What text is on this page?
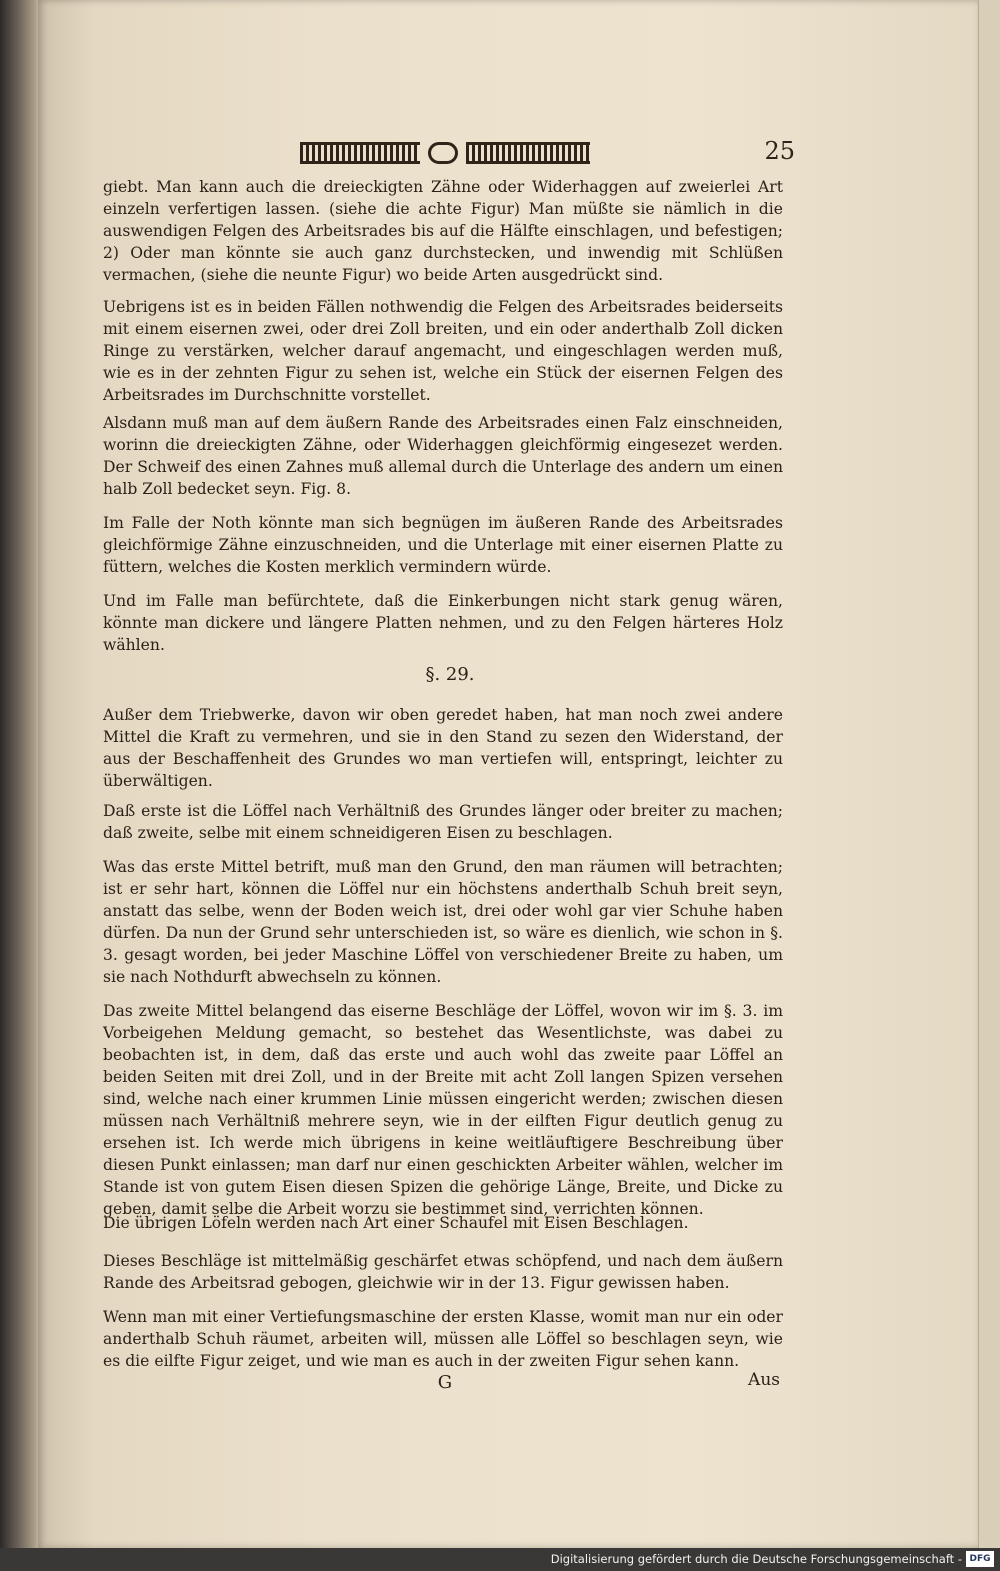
25

giebt. Man kann auch die dreieckigten Zähne oder Widerhaggen auf zweierlei Art einzeln verfertigen lassen. (siehe die achte Figur) Man müßte sie nämlich in die auswendigen Felgen des Arbeitsrades bis auf die Hälfte einschlagen, und befestigen; 2) Oder man könnte sie auch ganz durchstecken, und inwendig mit Schlüßen vermachen, (siehe die neunte Figur) wo beide Arten ausgedrückt sind.

Uebrigens ist es in beiden Fällen nothwendig die Felgen des Arbeitsrades beiderseits mit einem eisernen zwei, oder drei Zoll breiten, und ein oder anderthalb Zoll dicken Ringe zu verstärken, welcher darauf angemacht, und eingeschlagen werden muß, wie es in der zehnten Figur zu sehen ist, welche ein Stück der eisernen Felgen des Arbeitsrades im Durchschnitte vorstellet.

Alsdann muß man auf dem äußern Rande des Arbeitsrades einen Falz einschneiden, worinn die dreieckigten Zähne, oder Widerhaggen gleichförmig eingesezet werden. Der Schweif des einen Zahnes muß allemal durch die Unterlage des andern um einen halb Zoll bedecket seyn. Fig. 8.

Im Falle der Noth könnte man sich begnügen im äußeren Rande des Arbeitsrades gleichförmige Zähne einzuschneiden, und die Unterlage mit einer eisernen Platte zu füttern, welches die Kosten merklich vermindern würde.

Und im Falle man befürchtete, daß die Einkerbungen nicht stark genug wären, könnte man dickere und längere Platten nehmen, und zu den Felgen härteres Holz wählen.

§. 29.

Außer dem Triebwerke, davon wir oben geredet haben, hat man noch zwei andere Mittel die Kraft zu vermehren, und sie in den Stand zu sezen den Widerstand, der aus der Beschaffenheit des Grundes wo man vertiefen will, entspringt, leichter zu überwältigen.

Daß erste ist die Löffel nach Verhältniß des Grundes länger oder breiter zu machen; daß zweite, selbe mit einem schneidigeren Eisen zu beschlagen.

Was das erste Mittel betrift, muß man den Grund, den man räumen will betrachten; ist er sehr hart, können die Löffel nur ein höchstens anderthalb Schuh breit seyn, anstatt das selbe, wenn der Boden weich ist, drei oder wohl gar vier Schuhe haben dürfen. Da nun der Grund sehr unterschieden ist, so wäre es dienlich, wie schon in §. 3. gesagt worden, bei jeder Maschine Löffel von verschiedener Breite zu haben, um sie nach Nothdurft abwechseln zu können.

Das zweite Mittel belangend das eiserne Beschläge der Löffel, wovon wir im §. 3. im Vorbeigehen Meldung gemacht, so bestehet das Wesentlichste, was dabei zu beobachten ist, in dem, daß das erste und auch wohl das zweite paar Löffel an beiden Seiten mit drei Zoll, und in der Breite mit acht Zoll langen Spizen versehen sind, welche nach einer krummen Linie müssen eingericht werden; zwischen diesen müssen nach Verhältniß mehrere seyn, wie in der eilften Figur deutlich genug zu ersehen ist. Ich werde mich übrigens in keine weitläuftigere Beschreibung über diesen Punkt einlassen; man darf nur einen geschickten Arbeiter wählen, welcher im Stande ist von gutem Eisen diesen Spizen die gehörige Länge, Breite, und Dicke zu geben, damit selbe die Arbeit worzu sie bestimmet sind, verrichten können.

Die übrigen Löfeln werden nach Art einer Schaufel mit Eisen Beschlagen.

Dieses Beschläge ist mittelmäßig geschärfet etwas schöpfend, und nach dem äußern Rande des Arbeitsrad gebogen, gleichwie wir in der 13. Figur gewissen haben.

Wenn man mit einer Vertiefungsmaschine der ersten Klasse, womit man nur ein oder anderthalb Schuh räumet, arbeiten will, müssen alle Löffel so beschlagen seyn, wie es die eilfte Figur zeiget, und wie man es auch in der zweiten Figur sehen kann.

G	Aus
Digitalisierung gefördert durch die Deutsche Forschungsgemeinschaft - DFG
